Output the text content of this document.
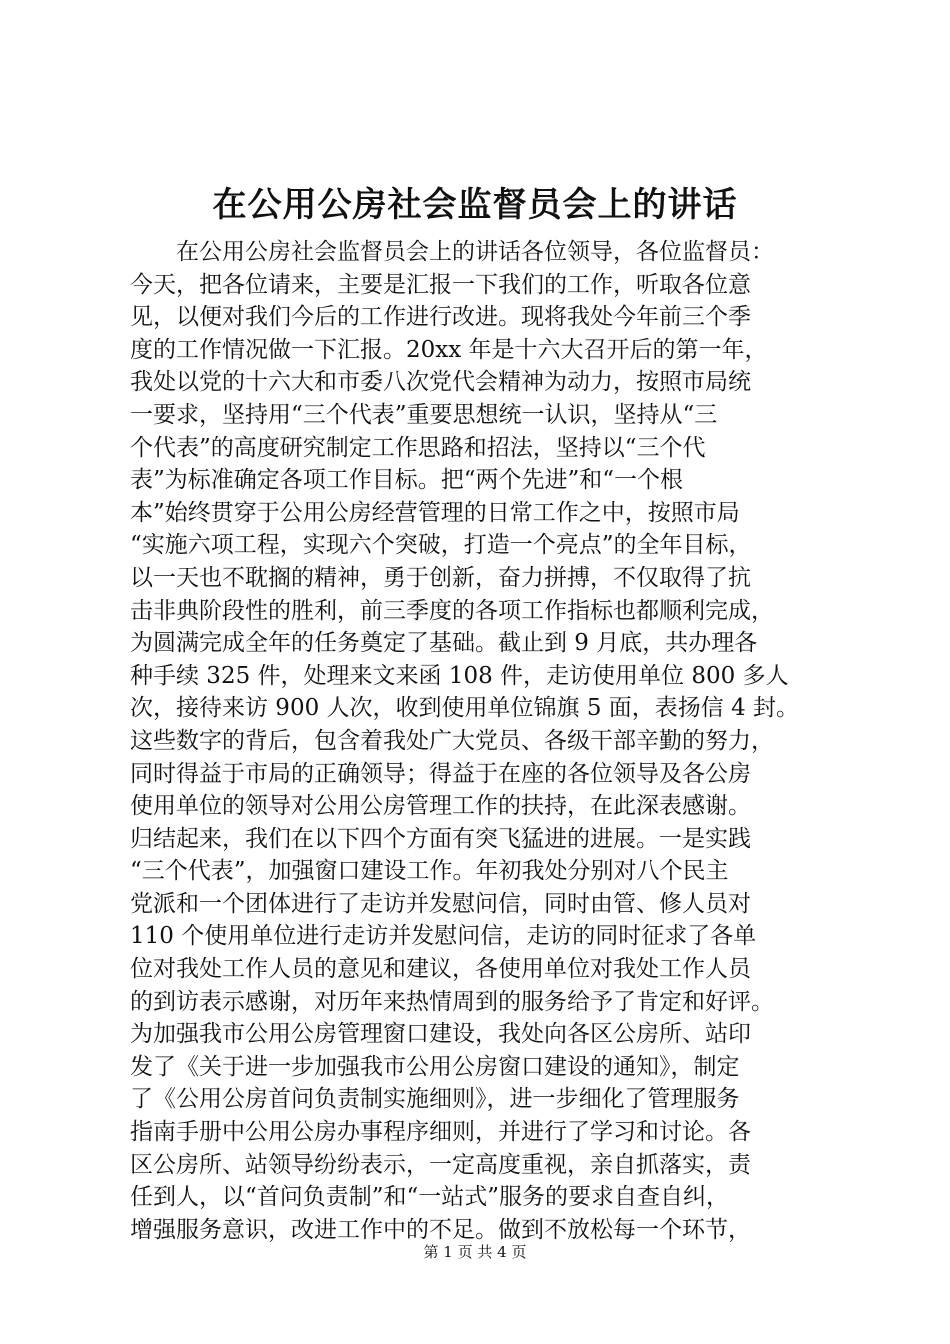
在公用公房社会监督员会上的讲话
　　在公用公房社会监督员会上的讲话各位领导，各位监督员：
今天，把各位请来，主要是汇报一下我们的工作，听取各位意
见，以便对我们今后的工作进行改进。现将我处今年前三个季
度的工作情况做一下汇报。20xx 年是十六大召开后的第一年，
我处以党的十六大和市委八次党代会精神为动力，按照市局统
一要求，坚持用“三个代表”重要思想统一认识，坚持从“三
个代表”的高度研究制定工作思路和招法，坚持以“三个代
表”为标准确定各项工作目标。把“两个先进”和“一个根
本”始终贯穿于公用公房经营管理的日常工作之中，按照市局
“实施六项工程，实现六个突破，打造一个亮点”的全年目标，
以一天也不耽搁的精神，勇于创新，奋力拼搏，不仅取得了抗
击非典阶段性的胜利，前三季度的各项工作指标也都顺利完成，
为圆满完成全年的任务奠定了基础。截止到 9 月底，共办理各
种手续 325 件，处理来文来函 108 件，走访使用单位 800 多人
次，接待来访 900 人次，收到使用单位锦旗 5 面，表扬信 4 封。
这些数字的背后，包含着我处广大党员、各级干部辛勤的努力，
同时得益于市局的正确领导；得益于在座的各位领导及各公房
使用单位的领导对公用公房管理工作的扶持，在此深表感谢。
归结起来，我们在以下四个方面有突飞猛进的进展。一是实践
“三个代表”，加强窗口建设工作。年初我处分别对八个民主
党派和一个团体进行了走访并发慰问信，同时由管、修人员对
110 个使用单位进行走访并发慰问信，走访的同时征求了各单
位对我处工作人员的意见和建议，各使用单位对我处工作人员
的到访表示感谢，对历年来热情周到的服务给予了肯定和好评。
为加强我市公用公房管理窗口建设，我处向各区公房所、站印
发了《关于进一步加强我市公用公房窗口建设的通知》，制定
了《公用公房首问负责制实施细则》，进一步细化了管理服务
指南手册中公用公房办事程序细则，并进行了学习和讨论。各
区公房所、站领导纷纷表示，一定高度重视，亲自抓落实，责
任到人，以“首问负责制”和“一站式”服务的要求自查自纠，
增强服务意识，改进工作中的不足。做到不放松每一个环节，
第 1 页 共 4 页
